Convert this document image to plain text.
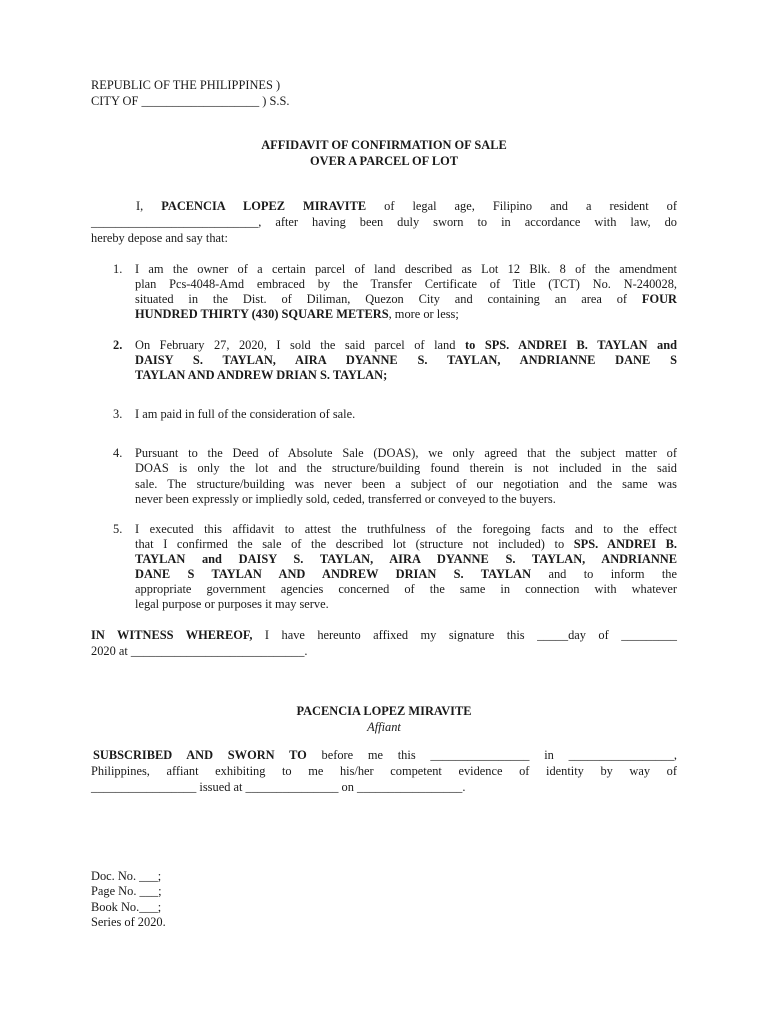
REPUBLIC OF THE PHILIPPINES )
CITY OF ___________________ ) S.S.
AFFIDAVIT OF CONFIRMATION OF SALE
OVER A PARCEL OF LOT
I, PACENCIA LOPEZ MIRAVITE of legal age, Filipino and a resident of
___________________________, after having been duly sworn to in accordance with law, do
hereby depose and say that:
1. I am the owner of a certain parcel of land described as Lot 12 Blk. 8 of the amendment
plan Pcs-4048-Amd embraced by the Transfer Certificate of Title (TCT) No. N-240028,
situated in the Dist. of Diliman, Quezon City and containing an area of FOUR
HUNDRED THIRTY (430) SQUARE METERS, more or less;
2. On February 27, 2020, I sold the said parcel of land to SPS. ANDREI B. TAYLAN and
DAISY S. TAYLAN, AIRA DYANNE S. TAYLAN, ANDRIANNE DANE S
TAYLAN AND ANDREW DRIAN S. TAYLAN;
3. I am paid in full of the consideration of sale.
4. Pursuant to the Deed of Absolute Sale (DOAS), we only agreed that the subject matter of
DOAS is only the lot and the structure/building found therein is not included in the said
sale. The structure/building was never been a subject of our negotiation and the same was
never been expressly or impliedly sold, ceded, transferred or conveyed to the buyers.
5. I executed this affidavit to attest the truthfulness of the foregoing facts and to the effect
that I confirmed the sale of the described lot (structure not included) to SPS. ANDREI B.
TAYLAN and DAISY S. TAYLAN, AIRA DYANNE S. TAYLAN, ANDRIANNE
DANE S TAYLAN AND ANDREW DRIAN S. TAYLAN and to inform the
appropriate government agencies concerned of the same in connection with whatever
legal purpose or purposes it may serve.
IN WITNESS WHEREOF, I have hereunto affixed my signature this _____day of _________
2020 at ____________________________.
PACENCIA LOPEZ MIRAVITE
Affiant
SUBSCRIBED AND SWORN TO before me this ________________ in _________________,
Philippines, affiant exhibiting to me his/her competent evidence of identity by way of
_________________ issued at _______________ on _________________.
Doc. No. ___;
Page No. ___;
Book No.___;
Series of 2020.
